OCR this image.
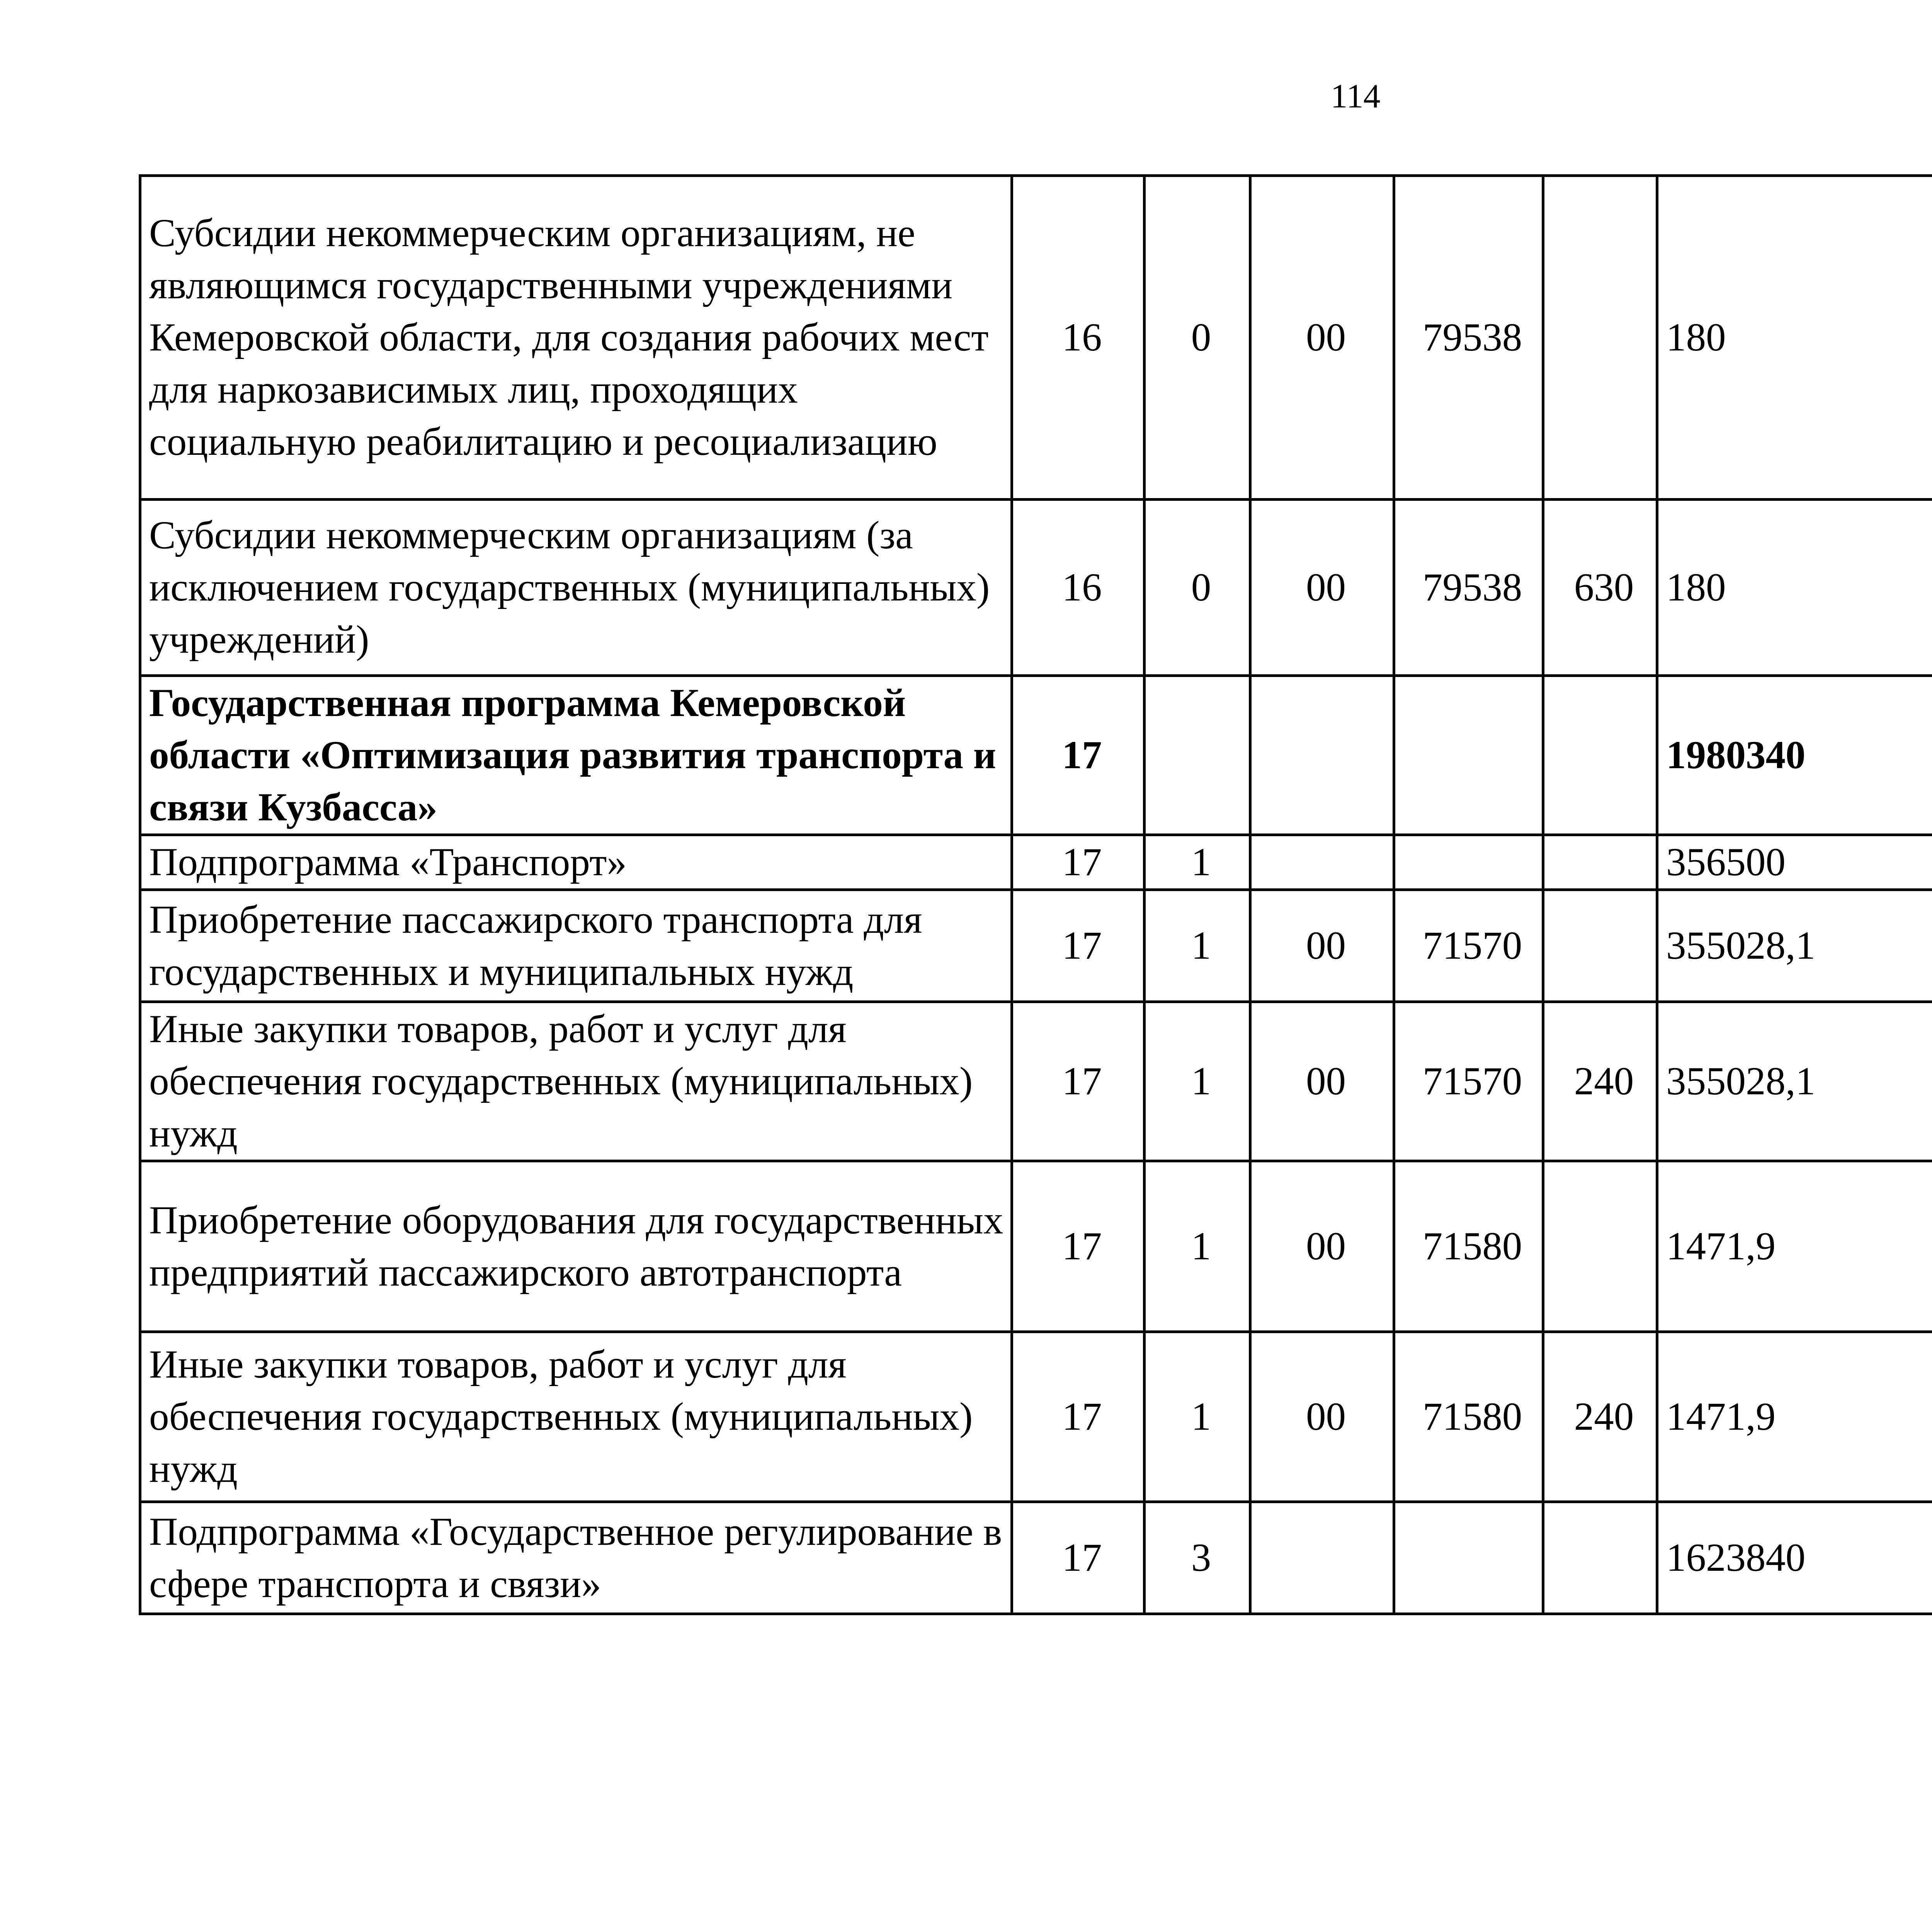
114
Субсидии некоммерческим организациям, не являющимся государственными учреждениями Кемеровской области, для создания рабочих мест для наркозависимых лиц, проходящих социальную реабилитацию и ресоциализацию	16	0	00	79538		180		
Субсидии некоммерческим организациям (за исключением государственных (муниципальных) учреждений)	16	0	00	79538	630	180		
Государственная программа Кемеровской области «Оптимизация развития транспорта и связи Кузбасса»	17					1980340		
Подпрограмма «Транспорт»	17	1				356500		
Приобретение пассажирского транспорта для государственных и муниципальных нужд	17	1	00	71570		355028,1		
Иные закупки товаров, работ и услуг для обеспечения государственных (муниципальных) нужд	17	1	00	71570	240	355028,1		
Приобретение оборудования для государственных предприятий пассажирского автотранспорта	17	1	00	71580		1471,9		
Иные закупки товаров, работ и услуг для обеспечения государственных (муниципальных) нужд	17	1	00	71580	240	1471,9		
Подпрограмма «Государственное регулирование в сфере транспорта и связи»	17	3				1623840		
